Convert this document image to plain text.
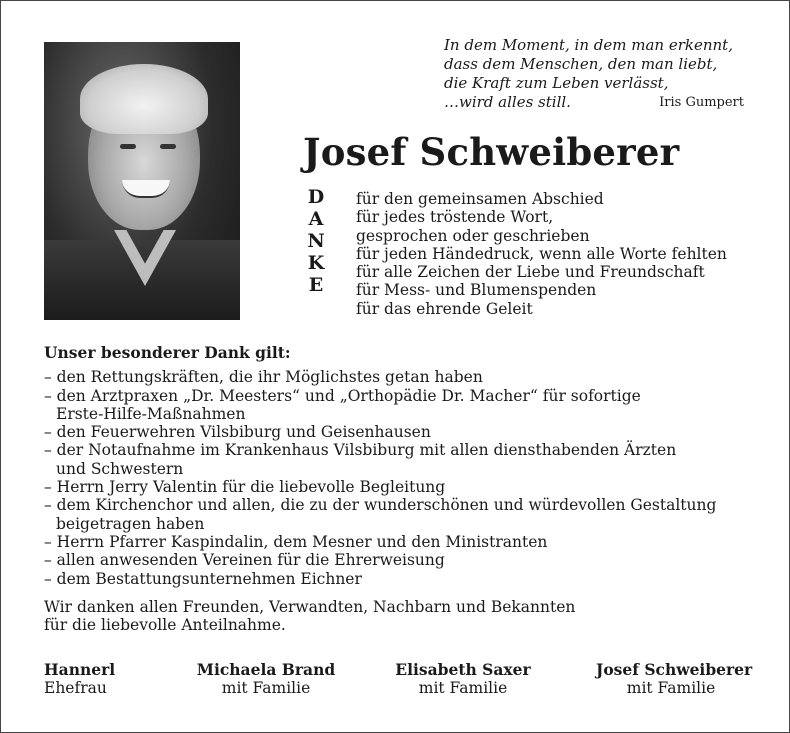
In dem Moment, in dem man erkennt,
dass dem Menschen, den man liebt,
die Kraft zum Leben verlässt,
…wird alles still.	Iris Gumpert
Josef Schweiberer
D
A
N
K
E
für den gemeinsamen Abschied
für jedes tröstende Wort,
gesprochen oder geschrieben
für jeden Händedruck, wenn alle Worte fehlten
für alle Zeichen der Liebe und Freundschaft
für Mess- und Blumenspenden
für das ehrende Geleit
Unser besonderer Dank gilt:
– den Rettungskräften, die ihr Möglichstes getan haben
– den Arztpraxen „Dr. Meesters“ und „Orthopädie Dr. Macher“ für sofortige
Erste-Hilfe-Maßnahmen
– den Feuerwehren Vilsbiburg und Geisenhausen
– der Notaufnahme im Krankenhaus Vilsbiburg mit allen diensthabenden Ärzten
und Schwestern
– Herrn Jerry Valentin für die liebevolle Begleitung
– dem Kirchenchor und allen, die zu der wunderschönen und würdevollen Gestaltung
beigetragen haben
– Herrn Pfarrer Kaspindalin, dem Mesner und den Ministranten
– allen anwesenden Vereinen für die Ehrerweisung
– dem Bestattungsunternehmen Eichner
Wir danken allen Freunden, Verwandten, Nachbarn und Bekannten
für die liebevolle Anteilnahme.
Hannerl
Ehefrau
Michaela Brand
mit Familie
Elisabeth Saxer
mit Familie
Josef Schweiberer
mit Familie
